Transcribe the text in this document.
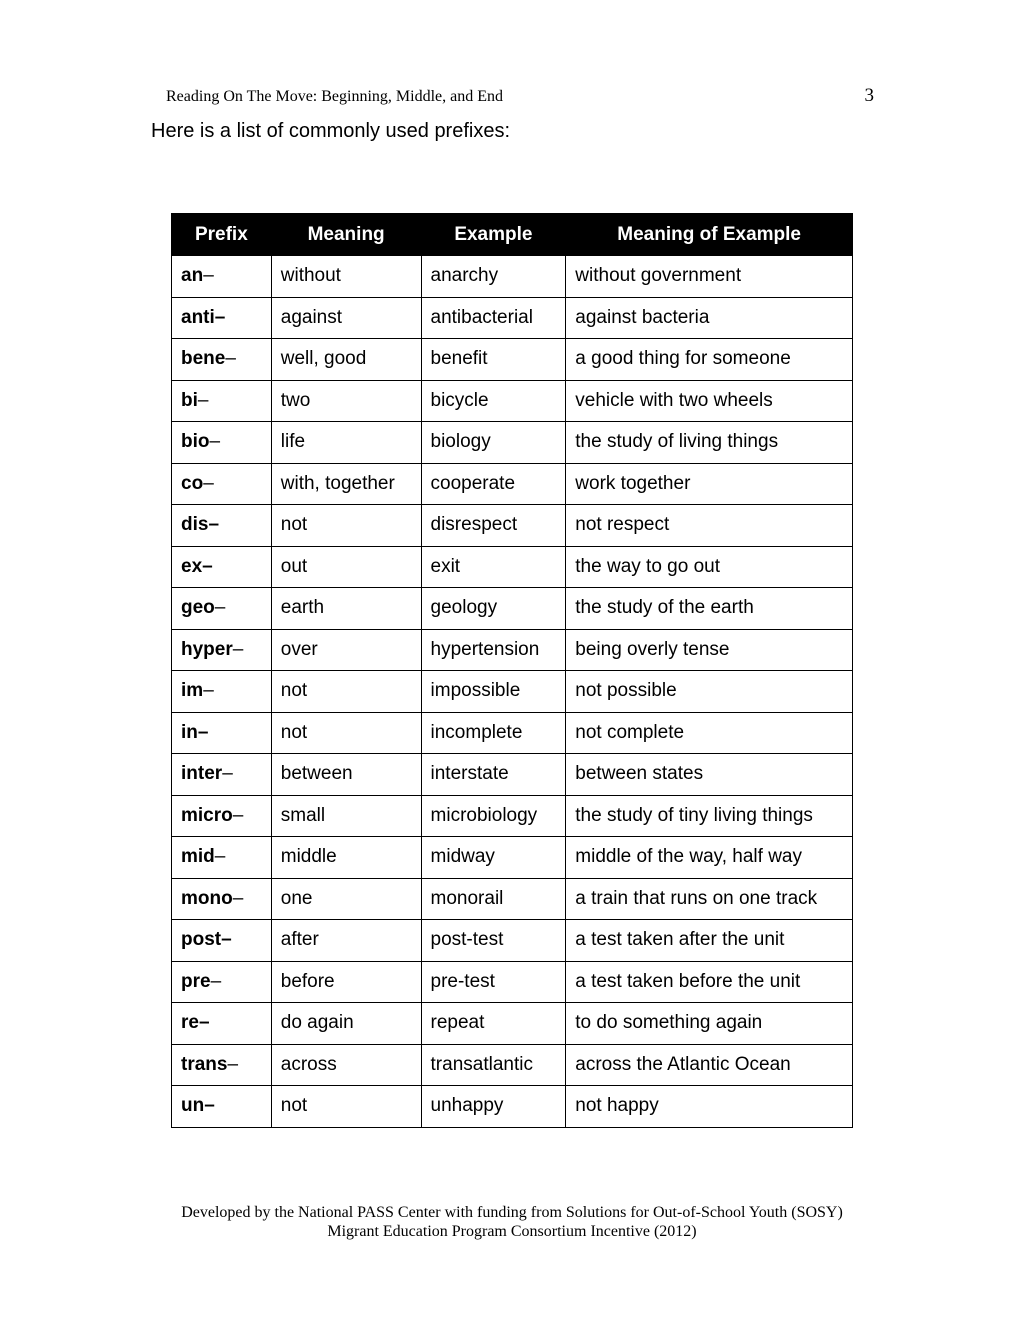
Reading On The Move: Beginning, Middle, and End	3
Here is a list of commonly used prefixes:
Prefix	Meaning	Example	Meaning of Example
an–	without	anarchy	without government
anti–	against	antibacterial	against bacteria
bene–	well, good	benefit	a good thing for someone
bi–	two	bicycle	vehicle with two wheels
bio–	life	biology	the study of living things
co–	with, together	cooperate	work together
dis–	not	disrespect	not respect
ex–	out	exit	the way to go out
geo–	earth	geology	the study of the earth
hyper–	over	hypertension	being overly tense
im–	not	impossible	not possible
in–	not	incomplete	not complete
inter–	between	interstate	between states
micro–	small	microbiology	the study of tiny living things
mid–	middle	midway	middle of the way, half way
mono–	one	monorail	a train that runs on one track
post–	after	post-test	a test taken after the unit
pre–	before	pre-test	a test taken before the unit
re–	do again	repeat	to do something again
trans–	across	transatlantic	across the Atlantic Ocean
un–	not	unhappy	not happy
Developed by the National PASS Center with funding from Solutions for Out-of-School Youth (SOSY)
Migrant Education Program Consortium Incentive (2012)
